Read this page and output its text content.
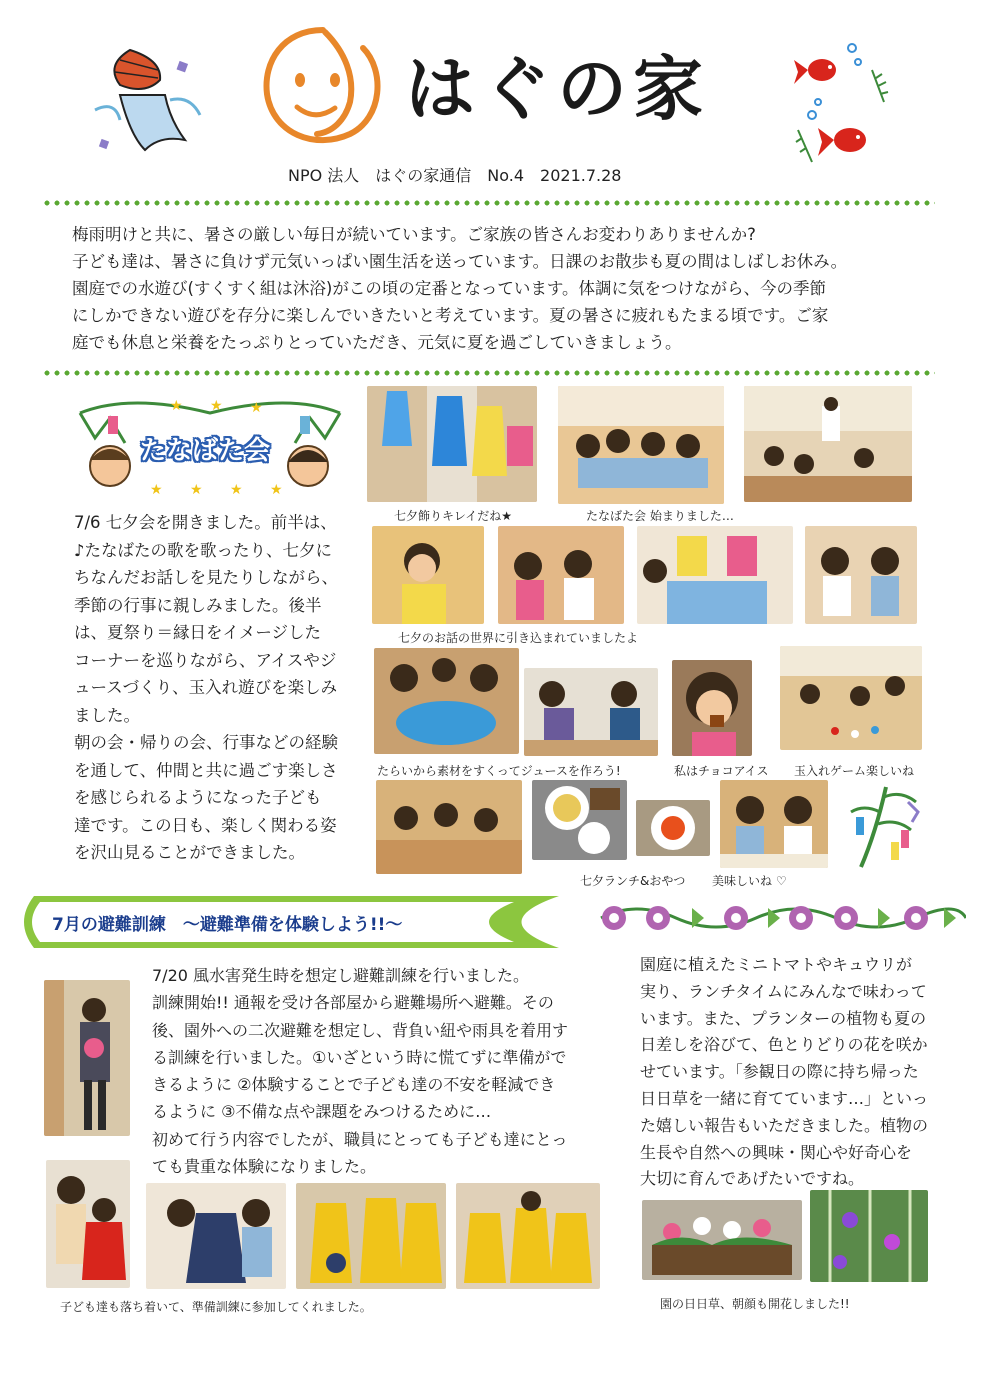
はぐの家
NPO 法人　はぐの家通信　No.4　2021.7.28
梅雨明けと共に、暑さの厳しい毎日が続いています。ご家族の皆さんお変わりありませんか?
子ども達は、暑さに負けず元気いっぱい園生活を送っています。日課のお散歩も夏の間はしばしお休み。
園庭での水遊び(すくすく組は沐浴)がこの頃の定番となっています。体調に気をつけながら、今の季節
にしかできない遊びを存分に楽しんでいきたいと考えています。夏の暑さに疲れもたまる頃です。ご家
庭でも休息と栄養をたっぷりとっていただき、元気に夏を過ごしていきましょう。
★ ★ ★
★ ★ ★ ★
たなばた会
7/6 七夕会を開きました。前半は、
♪たなばたの歌を歌ったり、七夕に
ちなんだお話しを見たりしながら、
季節の行事に親しみました。後半
は、夏祭り＝縁日をイメージした
コーナーを巡りながら、アイスやジ
ュースづくり、玉入れ遊びを楽しみ
ました。
朝の会・帰りの会、行事などの経験
を通して、仲間と共に過ごす楽しさ
を感じられるようになった子ども
達です。この日も、楽しく関わる姿
を沢山見ることができました。
七夕飾りキレイだね★	たなばた会 始まりました…
七夕のお話の世界に引き込まれていましたよ
たらいから素材をすくってジュースを作ろう!	私はチョコアイス 玉入れゲーム楽しいね
七夕ランチ&おやつ 美味しいね ♡
7月の避難訓練　～避難準備を体験しよう!!～
7/20 風水害発生時を想定し避難訓練を行いました。
訓練開始!! 通報を受け各部屋から避難場所へ避難。その
後、園外への二次避難を想定し、背負い紐や雨具を着用す
る訓練を行いました。①いざという時に慌てずに準備がで
きるように ②体験することで子ども達の不安を軽減でき
るように ③不備な点や課題をみつけるために…
初めて行う内容でしたが、職員にとっても子ども達にとっ
ても貴重な体験になりました。
子ども達も落ち着いて、準備訓練に参加してくれました。
園庭に植えたミニトマトやキュウリが
実り、ランチタイムにみんなで味わって
います。また、プランターの植物も夏の
日差しを浴びて、色とりどりの花を咲か
せています。「参観日の際に持ち帰った
日日草を一緒に育てています…」といっ
た嬉しい報告もいただきました。植物の
生長や自然への興味・関心や好奇心を
大切に育んであげたいですね。
園の日日草、朝顔も開花しました!!
